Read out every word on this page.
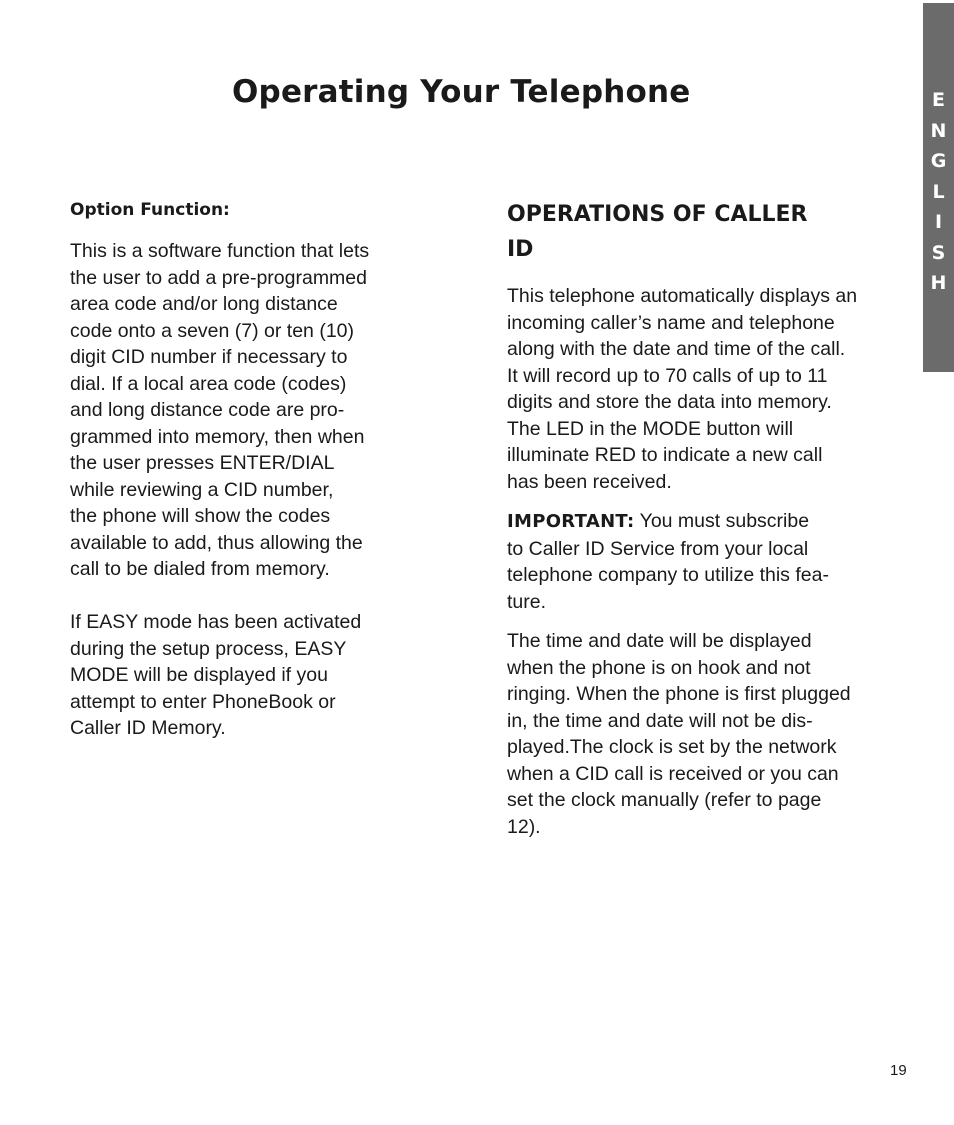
Operating Your Telephone	E
N
G
L
I
S
H
Option Function:
This is a software function that lets
the user to add a pre-programmed
area code and/or long distance
code onto a seven (7) or ten (10)
digit CID number if necessary to
dial. If a local area code (codes)
and long distance code are pro-
grammed into memory, then when
the user presses ENTER/DIAL
while reviewing a CID number,
the phone will show the codes
available to add, thus allowing the
call to be dialed from memory.
If EASY mode has been activated
during the setup process, EASY
MODE will be displayed if you
attempt to enter PhoneBook or
Caller ID Memory.
OPERATIONS OF CALLER
ID
This telephone automatically displays an
incoming caller’s name and telephone
along with the date and time of the call.
It will record up to 70 calls of up to 11
digits and store the data into memory.
The LED in the MODE button will
illuminate RED to indicate a new call
has been received.
IMPORTANT: You must subscribe
to Caller ID Service from your local
telephone company to utilize this fea-
ture.
The time and date will be displayed
when the phone is on hook and not
ringing. When the phone is first plugged
in, the time and date will not be dis-
played.The clock is set by the network
when a CID call is received or you can
set the clock manually (refer to page
12).
19
